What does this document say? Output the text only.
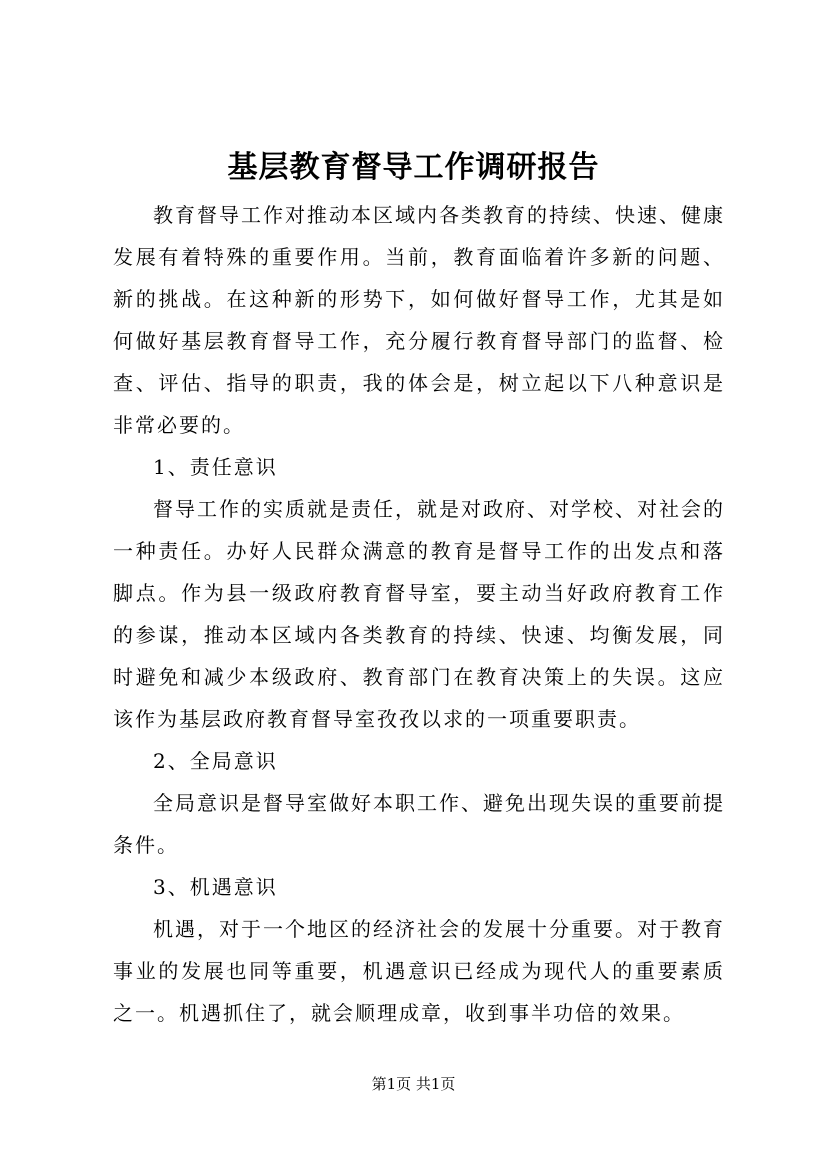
基层教育督导工作调研报告

教育督导工作对推动本区域内各类教育的持续、快速、健康发展有着特殊的重要作用。当前，教育面临着许多新的问题、新的挑战。在这种新的形势下，如何做好督导工作，尤其是如何做好基层教育督导工作，充分履行教育督导部门的监督、检查、评估、指导的职责，我的体会是，树立起以下八种意识是非常必要的。

1、责任意识

督导工作的实质就是责任，就是对政府、对学校、对社会的一种责任。办好人民群众满意的教育是督导工作的出发点和落脚点。作为县一级政府教育督导室，要主动当好政府教育工作的参谋，推动本区域内各类教育的持续、快速、均衡发展，同时避免和减少本级政府、教育部门在教育决策上的失误。这应该作为基层政府教育督导室孜孜以求的一项重要职责。

2、全局意识

全局意识是督导室做好本职工作、避免出现失误的重要前提条件。

3、机遇意识

机遇，对于一个地区的经济社会的发展十分重要。对于教育事业的发展也同等重要，机遇意识已经成为现代人的重要素质之一。机遇抓住了，就会顺理成章，收到事半功倍的效果。

第1页 共1页
